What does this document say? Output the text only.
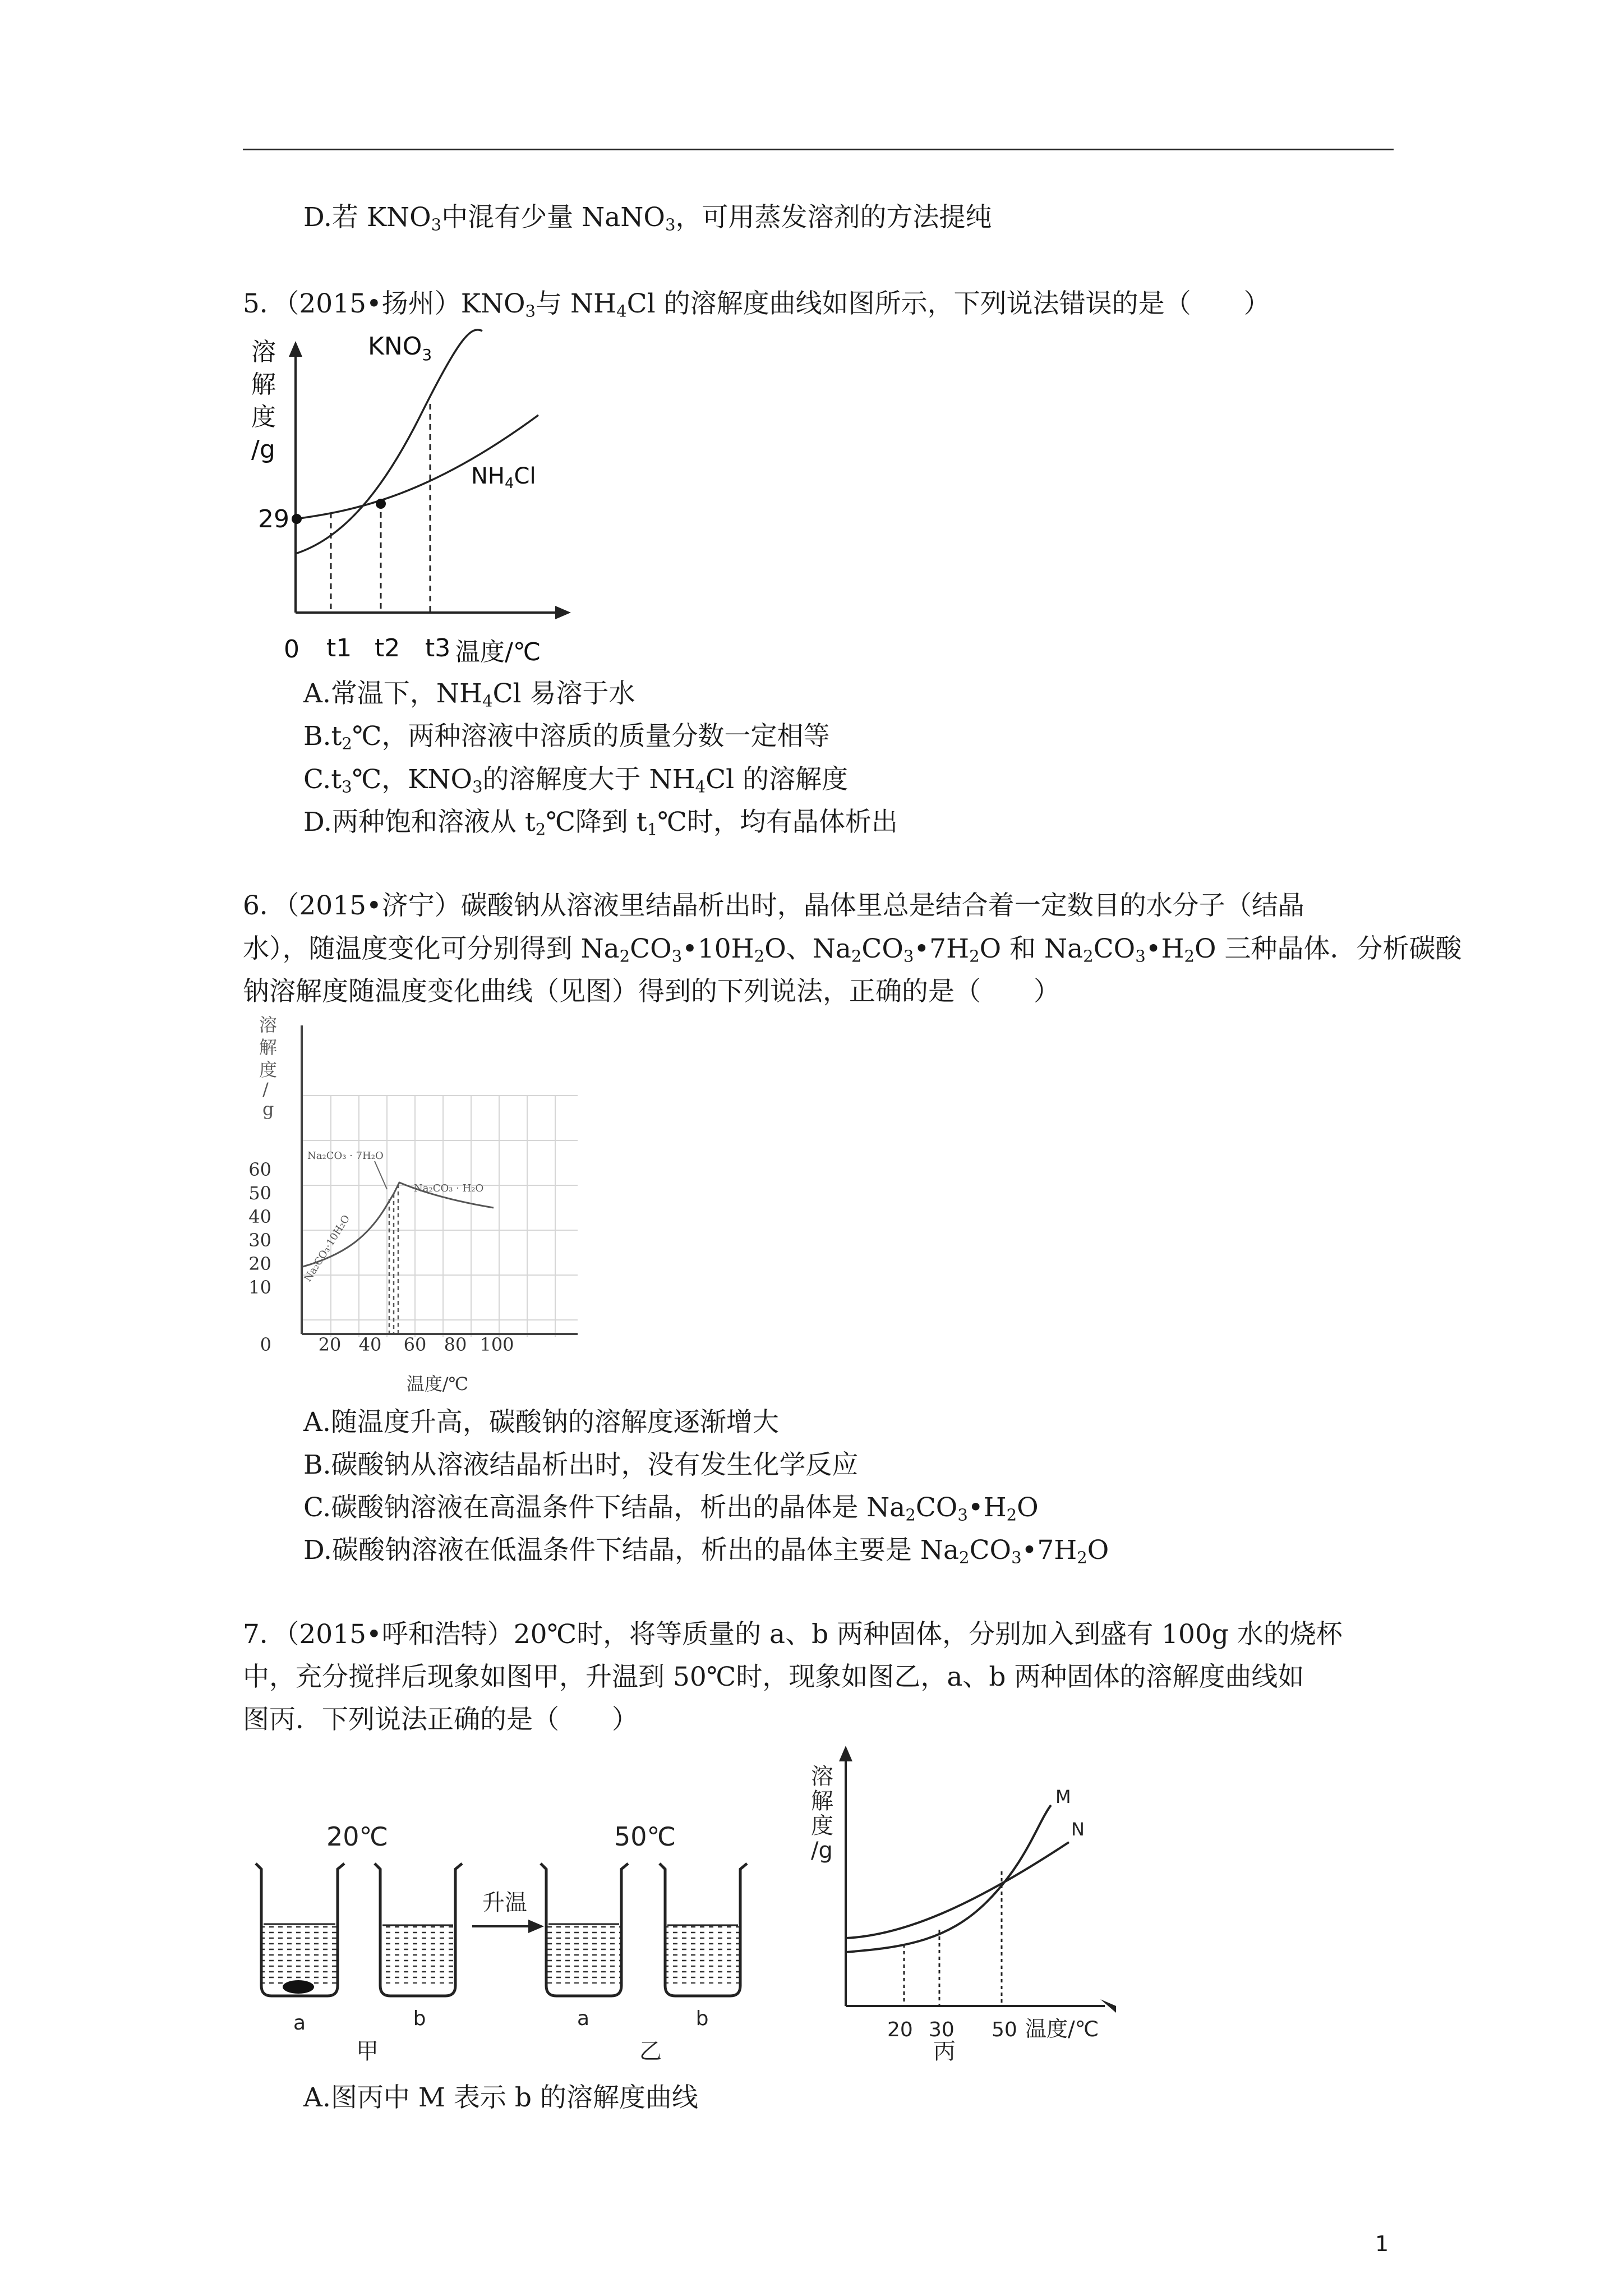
D.若 $KNO_3$中混有少量 NaNO$_3$，可用蒸发溶剂的方法提纯
5．（2015•扬州）$KNO_3$与 $NH_4Cl$ 的溶解度曲线如图所示，下列说法错误的是（　　）
溶
解
度
/g
29
0 t1 t2 t3 温度/℃
$KNO_3$
$NH_4Cl$
A.常温下，$NH_4Cl$ 易溶于水
$B.t_2℃$，两种溶液中溶质的质量分数一定相等
$C.t_3℃$，$KNO_3$的溶解度大于 $NH_4Cl$ 的溶解度
D.两种饱和溶液从 $t_2℃$降到 $t_1℃$时，均有晶体析出
6．（2015•济宁）碳酸钠从溶液里结晶析出时，晶体里总是结合着一定数目的水分子（结晶
水），随温度变化可分别得到 $Na_2CO_3•10H_2O$、$Na_2CO_3•7H_2O$ 和 $Na_2CO_3•H_2O$ 三种晶体．分析碳酸
钠溶解度随温度变化曲线（见图）得到的下列说法，正确的是（　　）
溶
解
度
/
g
60
50
40
30
20
10
0	20 40 60 80 100
温度/℃
Na₂CO₃ · 7H₂O
Na₂CO₃ · H₂O
Na₂CO₃·10H₂O
A.随温度升高，碳酸钠的溶解度逐渐增大
B.碳酸钠从溶液结晶析出时，没有发生化学反应
C.碳酸钠溶液在高温条件下结晶，析出的晶体是 $Na_2CO_3•H_2O$
D.碳酸钠溶液在低温条件下结晶，析出的晶体主要是 $Na_2CO_3•7H_2O$
7．（2015•呼和浩特）20℃时，将等质量的 a、b 两种固体，分别加入到盛有 100g 水的烧杯
中，充分搅拌后现象如图甲，升温到 50℃时，现象如图乙，a、b 两种固体的溶解度曲线如
图丙．下列说法正确的是（　　）
20℃	50℃
升温
a	b	a	b
甲	乙	丙
溶
解
度
/g
20 30 50 温度/℃
M
N
A.图丙中 M 表示 b 的溶解度曲线
1
